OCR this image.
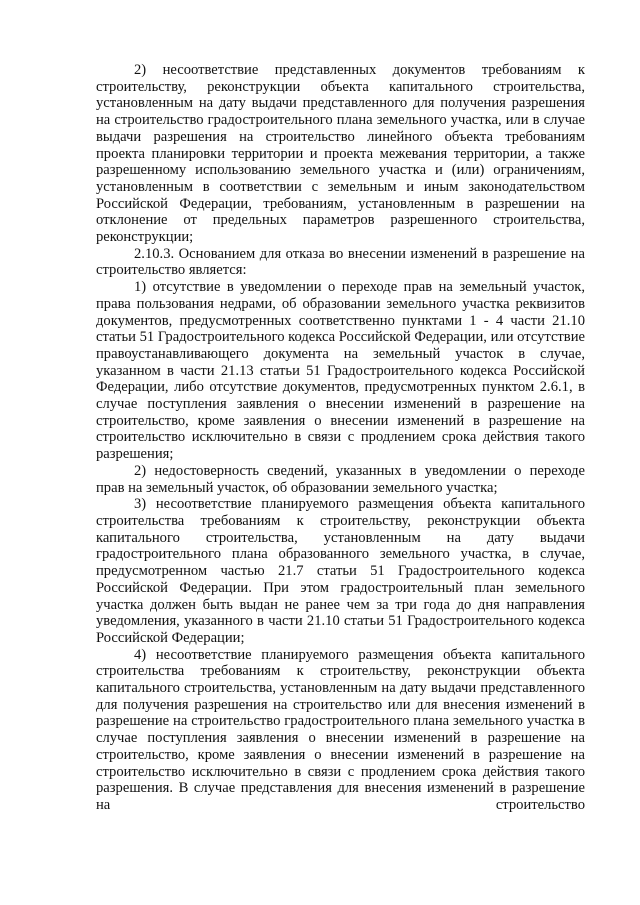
2) несоответствие представленных документов требованиям к строительству, реконструкции объекта капитального строительства, установленным на дату выдачи представленного для получения разрешения на строительство градостроительного плана земельного участка, или в случае выдачи разрешения на строительство линейного объекта требованиям проекта планировки территории и проекта межевания территории, а также разрешенному использованию земельного участка и (или) ограничениям, установленным в соответствии с земельным и иным законодательством Российской Федерации, требованиям, установленным в разрешении на отклонение от предельных параметров разрешенного строительства, реконструкции;

2.10.3. Основанием для отказа во внесении изменений в разрешение на строительство является:

1) отсутствие в уведомлении о переходе прав на земельный участок, права пользования недрами, об образовании земельного участка реквизитов документов, предусмотренных соответственно пунктами 1 - 4 части 21.10 статьи 51 Градостроительного кодекса Российской Федерации, или отсутствие правоустанавливающего документа на земельный участок в случае, указанном в части 21.13 статьи 51 Градостроительного кодекса Российской Федерации, либо отсутствие документов, предусмотренных пунктом 2.6.1, в случае поступления заявления о внесении изменений в разрешение на строительство, кроме заявления о внесении изменений в разрешение на строительство исключительно в связи с продлением срока действия такого разрешения;

2) недостоверность сведений, указанных в уведомлении о переходе прав на земельный участок, об образовании земельного участка;

3) несоответствие планируемого размещения объекта капитального строительства требованиям к строительству, реконструкции объекта капитального строительства, установленным на дату выдачи градостроительного плана образованного земельного участка, в случае, предусмотренном частью 21.7 статьи 51 Градостроительного кодекса Российской Федерации. При этом градостроительный план земельного участка должен быть выдан не ранее чем за три года до дня направления уведомления, указанного в части 21.10 статьи 51 Градостроительного кодекса Российской Федерации;

4) несоответствие планируемого размещения объекта капитального строительства требованиям к строительству, реконструкции объекта капитального строительства, установленным на дату выдачи представленного для получения разрешения на строительство или для внесения изменений в разрешение на строительство градостроительного плана земельного участка в случае поступления заявления о внесении изменений в разрешение на строительство, кроме заявления о внесении изменений в разрешение на строительство исключительно в связи с продлением срока действия такого разрешения. В случае представления для внесения изменений в разрешение на строительство
